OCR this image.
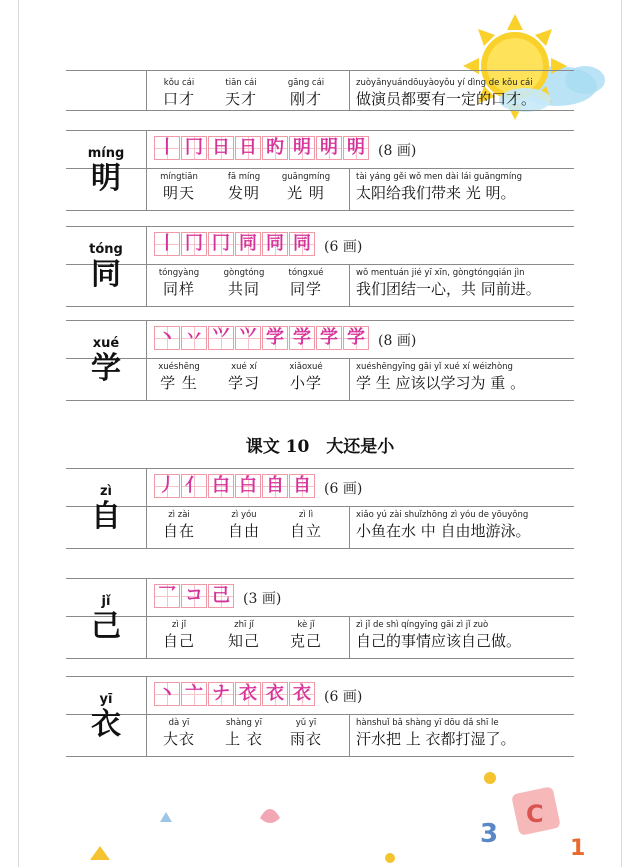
kǒu cái
口才
tiān cái
天才
gāng cái
刚才
zuòyǎnyuándōuyàoyǒu yí dìng de kǒu cái
做演员都要有一定的口才。
míng
明
丨 冂 日 日 旳 明 明 明 (8 画)
míngtiān
明天
fā míng
发明
guāngmíng
光 明
tài yáng gěi wǒ men dài lái guāngmíng
太阳给我们带来 光 明。
tóng
同
丨 冂 冂 同 同 同 (6 画)
tóngyàng
同样
gòngtóng
共同
tóngxué
同学
wǒ mentuán jié yī xīn, gòngtóngqián jìn
我们团结一心，共 同前进。
xué
学
丶 丷 ⺍ ⺍ 学 学 学 学 (8 画)
xuéshēng
学 生
xué xí
学习
xiǎoxué
小学
xuéshēngyīng gāi yǐ xué xí wéizhòng
学 生 应该以学习为 重 。
zì
自
丿 亻 白 白 自 自 (6 画)
zì zài
自在
zì yóu
自由
zì lì
自立
xiǎo yú zài shuǐzhōng zì yóu de yōuyǒng
小鱼在水 中 自由地游泳。
jǐ
己
乛 コ 己 (3 画)
zì jǐ
自己
zhī jǐ
知己
kè jǐ
克己
zì jǐ de shì qíngyīng gāi zì jǐ zuò
自己的事情应该自己做。
yī
衣
丶 亠 ナ 衣 衣 衣 (6 画)
dà yī
大衣
shàng yī
上 衣
yǔ yī
雨衣
hànshuǐ bǎ shàng yī dōu dǎ shī le
汗水把 上 衣都打湿了。
课文 10　大还是小
3
C
1
